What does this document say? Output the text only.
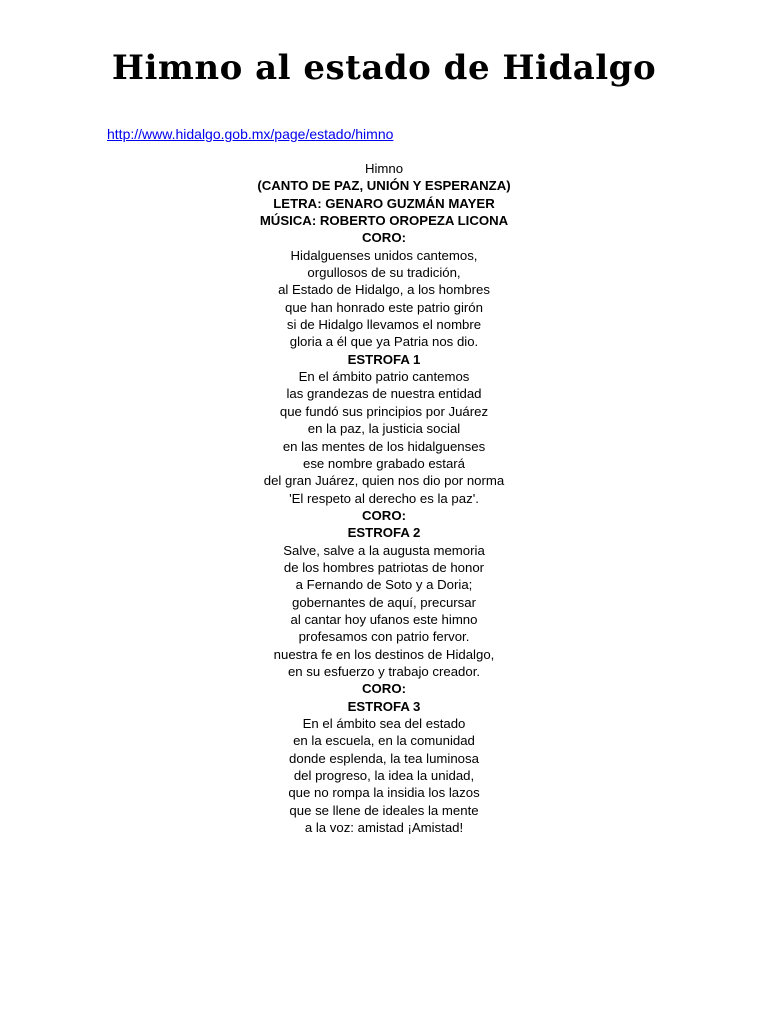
Himno al estado de Hidalgo
http://www.hidalgo.gob.mx/page/estado/himno
Himno
(CANTO DE PAZ, UNIÓN Y ESPERANZA)
LETRA: GENARO GUZMÁN MAYER
MÚSICA: ROBERTO OROPEZA LICONA
CORO:
Hidalguenses unidos cantemos,
orgullosos de su tradición,
al Estado de Hidalgo, a los hombres
que han honrado este patrio girón
si de Hidalgo llevamos el nombre
gloria a él que ya Patria nos dio.
ESTROFA 1
En el ámbito patrio cantemos
las grandezas de nuestra entidad
que fundó sus principios por Juárez
en la paz, la justicia social
en las mentes de los hidalguenses
ese nombre grabado estará
del gran Juárez, quien nos dio por norma
'El respeto al derecho es la paz'.
CORO:
ESTROFA 2
Salve, salve a la augusta memoria
de los hombres patriotas de honor
a Fernando de Soto y a Doria;
gobernantes de aquí, precursar
al cantar hoy ufanos este himno
profesamos con patrio fervor.
nuestra fe en los destinos de Hidalgo,
en su esfuerzo y trabajo creador.
CORO:
ESTROFA 3
En el ámbito sea del estado
en la escuela, en la comunidad
donde esplenda, la tea luminosa
del progreso, la idea la unidad,
que no rompa la insidia los lazos
que se llene de ideales la mente
a la voz: amistad ¡Amistad!
